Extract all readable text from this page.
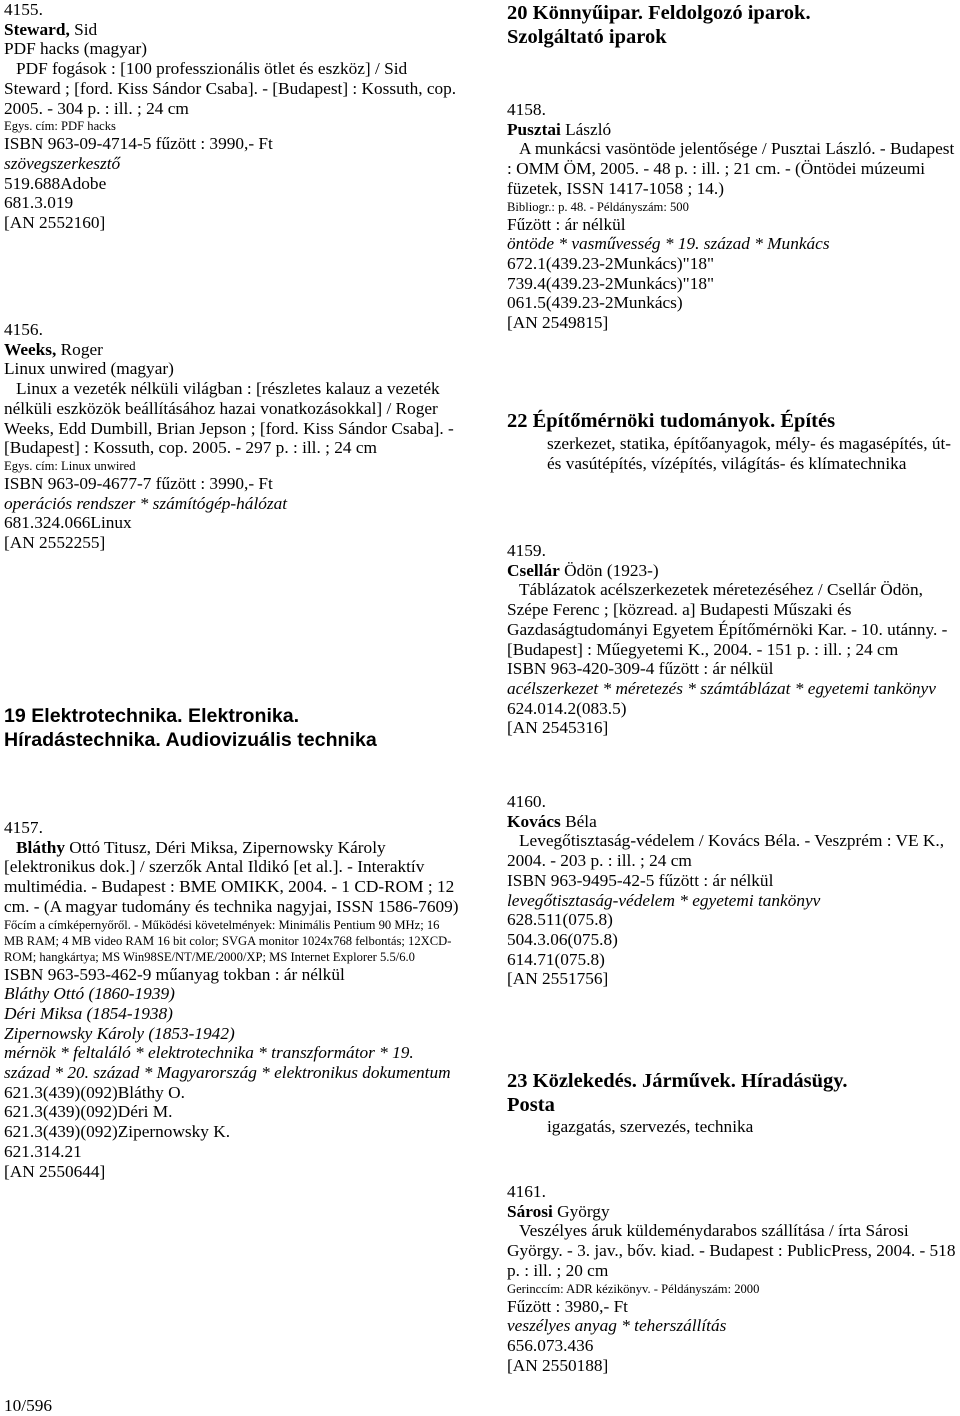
4155.
Steward, Sid
PDF hacks (magyar)
PDF fogások : [100 professzionális ötlet és eszköz] / Sid Steward ; [ford. Kiss Sándor Csaba]. - [Budapest] : Kossuth, cop. 2005. - 304 p. : ill. ; 24 cm
Egys. cím: PDF hacks
ISBN 963-09-4714-5 fűzött : 3990,- Ft
szövegszerkesztő
519.688Adobe
681.3.019
[AN 2552160]
4156.
Weeks, Roger
Linux unwired (magyar)
Linux a vezeték nélküli világban : [részletes kalauz a vezeték nélküli eszközök beállításához hazai vonatkozásokkal] / Roger Weeks, Edd Dumbill, Brian Jepson ; [ford. Kiss Sándor Csaba]. - [Budapest] : Kossuth, cop. 2005. - 297 p. : ill. ; 24 cm
Egys. cím: Linux unwired
ISBN 963-09-4677-7 fűzött : 3990,- Ft
operációs rendszer * számítógép-hálózat
681.324.066Linux
[AN 2552255]
19 Elektrotechnika. Elektronika.
Híradástechnika. Audiovizuális technika
4157.
Bláthy Ottó Titusz, Déri Miksa, Zipernowsky Károly
[elektronikus dok.] / szerzők Antal Ildikó [et al.]. - Interaktív multimédia. - Budapest : BME OMIKK, 2004. - 1 CD-ROM ; 12 cm. - (A magyar tudomány és technika nagyjai, ISSN 1586-7609)
Főcím a címképernyőről. - Működési követelmények: Minimális Pentium 90 MHz; 16 MB RAM; 4 MB video RAM 16 bit color; SVGA monitor 1024x768 felbontás; 12XCD-ROM; hangkártya; MS Win98SE/NT/ME/2000/XP; MS Internet Explorer 5.5/6.0
ISBN 963-593-462-9 műanyag tokban : ár nélkül
Bláthy Ottó (1860-1939)
Déri Miksa (1854-1938)
Zipernowsky Károly (1853-1942)
mérnök * feltaláló * elektrotechnika * transzformátor * 19. század * 20. század * Magyarország * elektronikus dokumentum
621.3(439)(092)Bláthy O.
621.3(439)(092)Déri M.
621.3(439)(092)Zipernowsky K.
621.314.21
[AN 2550644]
20 Könnyűipar. Feldolgozó iparok.
Szolgáltató iparok
4158.
Pusztai László
A munkácsi vasöntöde jelentősége / Pusztai László. - Budapest : OMM ÖM, 2005. - 48 p. : ill. ; 21 cm. - (Öntödei múzeumi füzetek, ISSN 1417-1058 ; 14.)
Bibliogr.: p. 48. - Példányszám: 500
Fűzött : ár nélkül
öntöde * vasművesség * 19. század * Munkács
672.1(439.23-2Munkács)"18"
739.4(439.23-2Munkács)"18"
061.5(439.23-2Munkács)
[AN 2549815]
22 Építőmérnöki tudományok. Építés
szerkezet, statika, építőanyagok, mély- és magasépítés, út- és vasútépítés, vízépítés, világítás- és klímatechnika
4159.
Csellár Ödön (1923-)
Táblázatok acélszerkezetek méretezéséhez / Csellár Ödön, Szépe Ferenc ; [közread. a] Budapesti Műszaki és Gazdaságtudományi Egyetem Építőmérnöki Kar. - 10. utánny. - [Budapest] : Műegyetemi K., 2004. - 151 p. : ill. ; 24 cm
ISBN 963-420-309-4 fűzött : ár nélkül
acélszerkezet * méretezés * számtáblázat * egyetemi tankönyv
624.014.2(083.5)
[AN 2545316]
4160.
Kovács Béla
Levegőtisztaság-védelem / Kovács Béla. - Veszprém : VE K., 2004. - 203 p. : ill. ; 24 cm
ISBN 963-9495-42-5 fűzött : ár nélkül
levegőtisztaság-védelem * egyetemi tankönyv
628.511(075.8)
504.3.06(075.8)
614.71(075.8)
[AN 2551756]
23 Közlekedés. Járművek. Híradásügy.
Posta
igazgatás, szervezés, technika
4161.
Sárosi György
Veszélyes áruk küldeménydarabos szállítása / írta Sárosi György. - 3. jav., bőv. kiad. - Budapest : PublicPress, 2004. - 518 p. : ill. ; 20 cm
Gerinccím: ADR kézikönyv. - Példányszám: 2000
Fűzött : 3980,- Ft
veszélyes anyag * teherszállítás
656.073.436
[AN 2550188]
10/596
